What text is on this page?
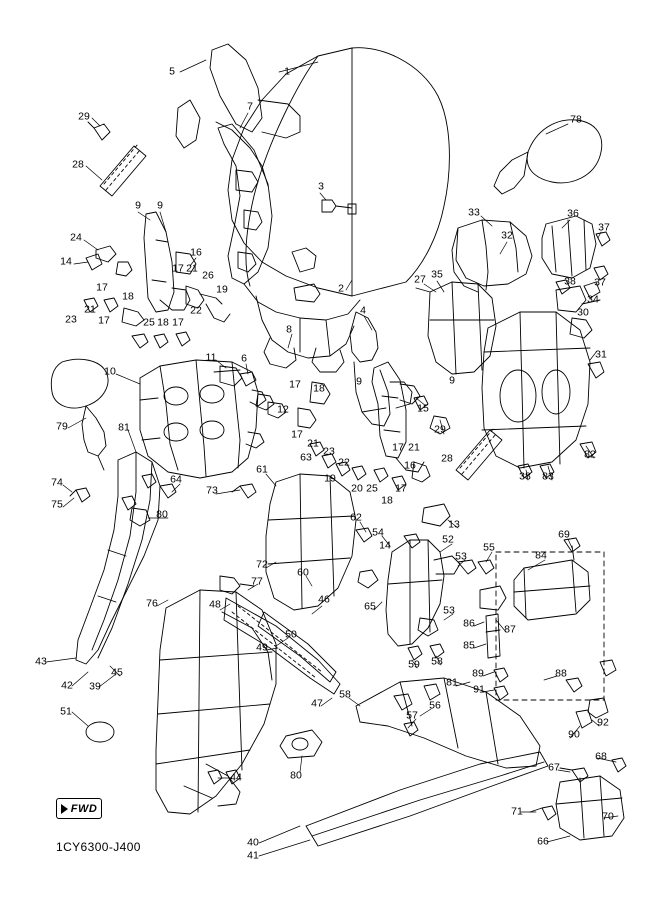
5	1
7
78
29
28
3
9 9
33	36
32
37
24
16
14
17 21
26	27 35
38 37
19	2
17
18
23
21
17	25 18 17
22
34
30
4
8
31
11 6
17 18
9	9
10
12	15
79	81
17
21
23	17 21
29
63	22
19
20 25
18
16
17
28
38
82
83
74
75
64
73
61
80	62
54
13
14	52
53
55
69
84
72
60
65	53
86	87
85
88
76
77
48	46
50
49
43
45
42 39
59 58
89
91
81
92
90
47
58
57
56
51
68
67
80
44
71	70
66
40
41
FWD
1CY6300-J400
